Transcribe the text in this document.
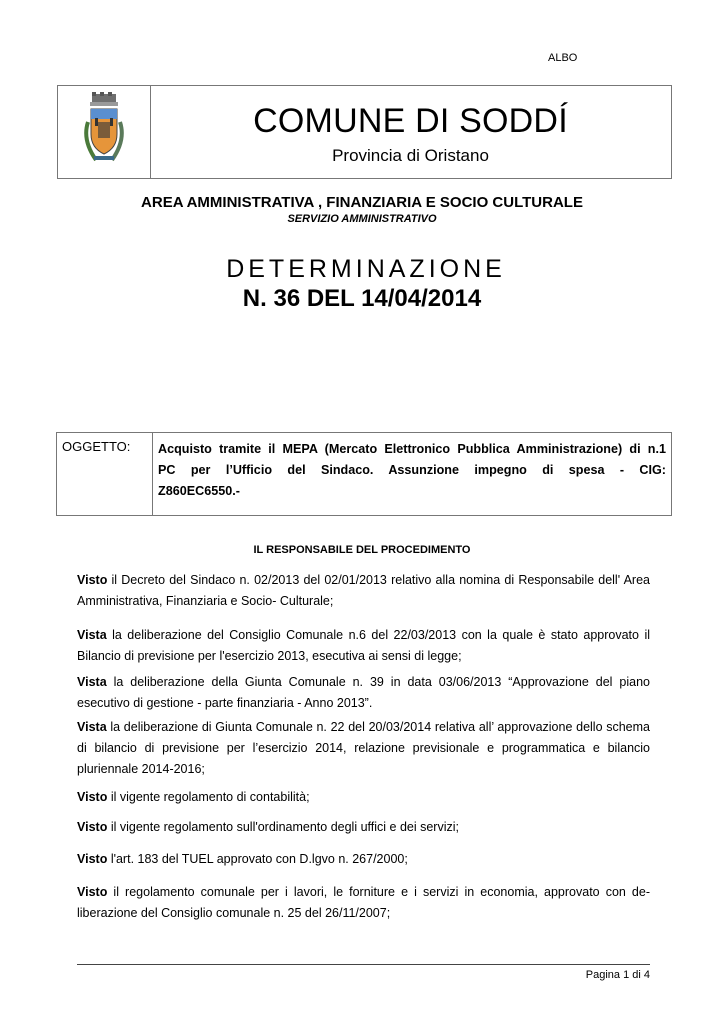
ALBO
COMUNE DI SODDÍ
Provincia di Oristano
AREA AMMINISTRATIVA , FINANZIARIA E SOCIO CULTURALE
SERVIZIO AMMINISTRATIVO
DETERMINAZIONE
N. 36 DEL 14/04/2014
OGGETTO: Acquisto tramite il MEPA (Mercato Elettronico Pubblica Amministrazione) di n.1
PC per l’Ufficio del Sindaco. Assunzione impegno di spesa - CIG:
Z860EC6550.-
IL RESPONSABILE DEL PROCEDIMENTO
Visto il Decreto del Sindaco n. 02/2013 del 02/01/2013 relativo alla nomina di Responsabile dell' Area Amministrativa, Finanziaria e Socio- Culturale;
Vista la deliberazione del Consiglio Comunale n.6 del 22/03/2013 con la quale è stato approvato il Bilancio di previsione per l'esercizio 2013, esecutiva ai sensi di legge;
Vista la deliberazione della Giunta Comunale n. 39 in data 03/06/2013 “Approvazione del piano esecutivo di gestione - parte finanziaria - Anno 2013”.
Vista la deliberazione di Giunta Comunale n. 22 del 20/03/2014 relativa all’ approvazione dello schema di bilancio di previsione per l’esercizio 2014, relazione previsionale e programmatica e bilancio pluriennale 2014-2016;
Visto il vigente regolamento di contabilità;
Visto il vigente regolamento sull'ordinamento degli uffici e dei servizi;
Visto l'art. 183 del TUEL approvato con D.lgvo n. 267/2000;
Visto il regolamento comunale per i lavori, le forniture e i servizi in economia, approvato con de-liberazione del Consiglio comunale n. 25 del 26/11/2007;
Pagina 1 di 4
